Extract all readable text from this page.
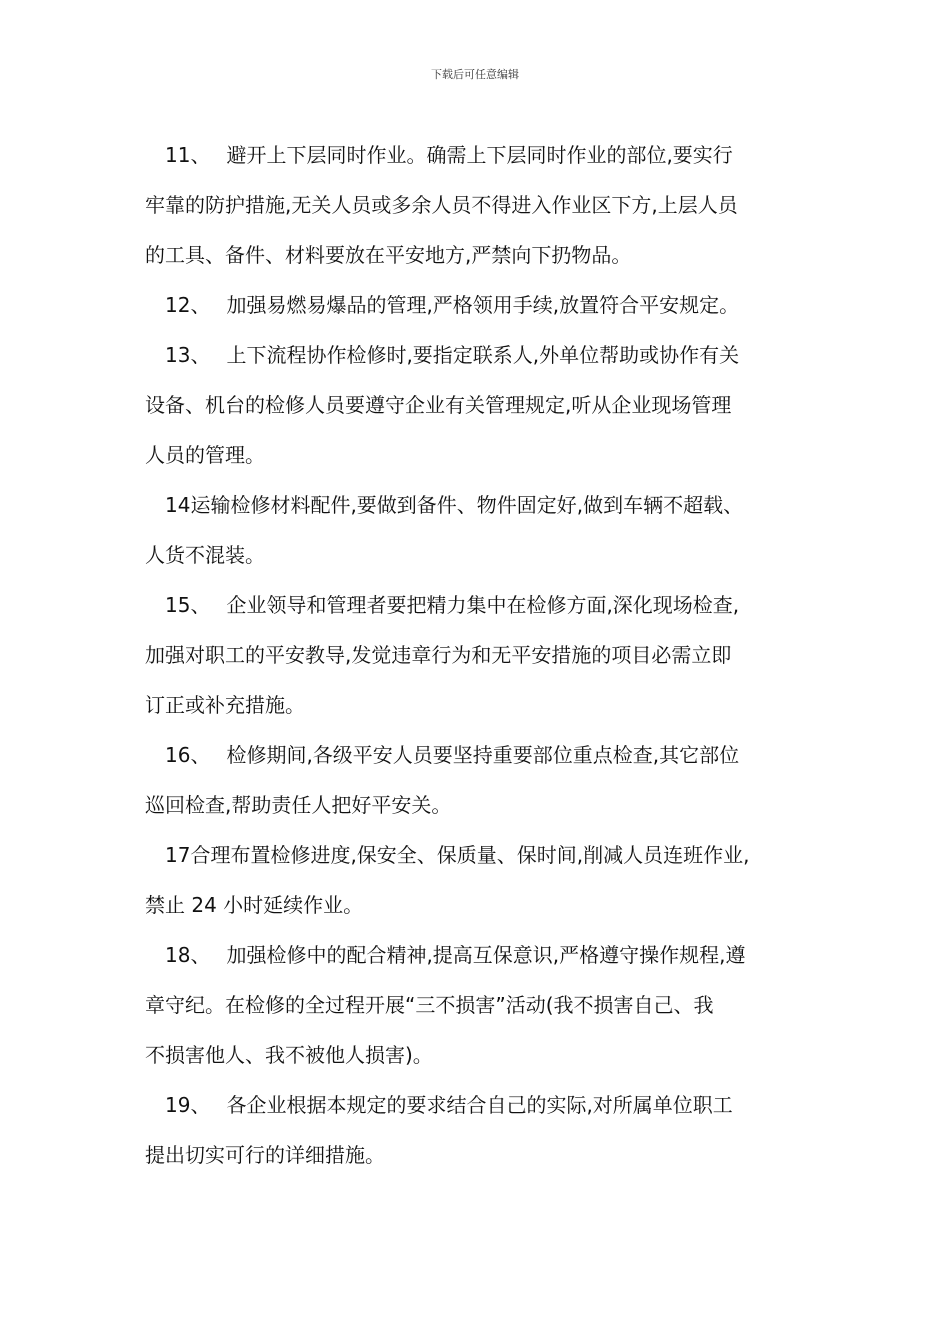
下载后可任意编辑
11、 避开上下层同时作业。确需上下层同时作业的部位,要实行
牢靠的防护措施,无关人员或多余人员不得进入作业区下方,上层人员
的工具、备件、材料要放在平安地方,严禁向下扔物品。
12、 加强易燃易爆品的管理,严格领用手续,放置符合平安规定。
13、 上下流程协作检修时,要指定联系人,外单位帮助或协作有关
设备、机台的检修人员要遵守企业有关管理规定,听从企业现场管理
人员的管理。
14运输检修材料配件,要做到备件、物件固定好,做到车辆不超载、
人货不混装。
15、 企业领导和管理者要把精力集中在检修方面,深化现场检查,
加强对职工的平安教导,发觉违章行为和无平安措施的项目必需立即
订正或补充措施。
16、 检修期间,各级平安人员要坚持重要部位重点检查,其它部位
巡回检查,帮助责任人把好平安关。
17合理布置检修进度,保安全、保质量、保时间,削减人员连班作业,
禁止 24 小时延续作业。
18、 加强检修中的配合精神,提高互保意识,严格遵守操作规程,遵
章守纪。在检修的全过程开展“三不损害”活动(我不损害自己、我
不损害他人、我不被他人损害)。
19、 各企业根据本规定的要求结合自己的实际,对所属单位职工
提出切实可行的详细措施。
